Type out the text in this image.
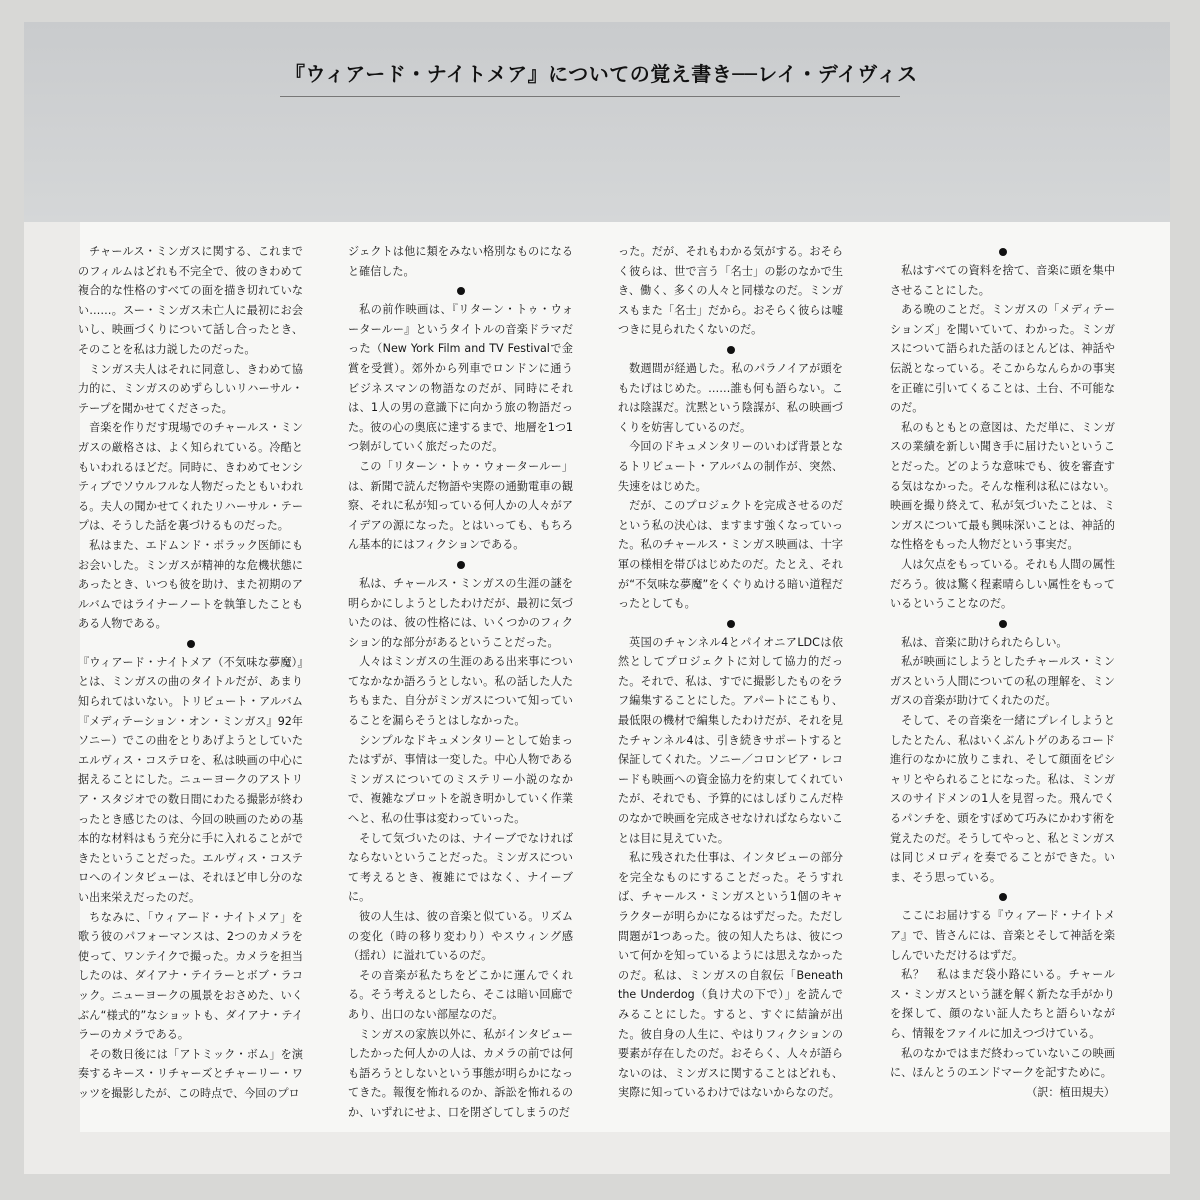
『ウィアード・ナイトメア』についての覚え書き──レイ・デイヴィス

チャールス・ミンガスに関する、これまでのフィルムはどれも不完全で、彼のきわめて複合的な性格のすべての面を描き切れていない……。スー・ミンガス未亡人に最初にお会いし、映画づくりについて話し合ったとき、そのことを私は力説したのだった。

ミンガス夫人はそれに同意し、きわめて協力的に、ミンガスのめずらしいリハーサル・テープを聞かせてくださった。

音楽を作りだす現場でのチャールス・ミンガスの厳格さは、よく知られている。冷酷ともいわれるほどだ。同時に、きわめてセンシティブでソウルフルな人物だったともいわれる。夫人の聞かせてくれたリハーサル・テープは、そうした話を裏づけるものだった。

私はまた、エドムンド・ポラック医師にもお会いした。ミンガスが精神的な危機状態にあったとき、いつも彼を助け、また初期のアルバムではライナーノートを執筆したこともある人物である。

『ウィアード・ナイトメア（不気味な夢魔）』とは、ミンガスの曲のタイトルだが、あまり知られてはいない。トリビュート・アルバム『メディテーション・オン・ミンガス』92年ソニー）でこの曲をとりあげようとしていたエルヴィス・コステロを、私は映画の中心に据えることにした。ニューヨークのアストリア・スタジオでの数日間にわたる撮影が終わったとき感じたのは、今回の映画のための基本的な材料はもう充分に手に入れることができたということだった。エルヴィス・コステロへのインタビューは、それほど申し分のない出来栄えだったのだ。

ちなみに、「ウィアード・ナイトメア」を歌う彼のパフォーマンスは、2つのカメラを使って、ワンテイクで撮った。カメラを担当したのは、ダイアナ・テイラーとボブ・ラコック。ニューヨークの風景をおさめた、いくぶん“様式的”なショットも、ダイアナ・テイラーのカメラである。

その数日後には「アトミック・ボム」を演奏するキース・リチャーズとチャーリー・ワッツを撮影したが、この時点で、今回のプロ

ジェクトは他に類をみない格別なものになると確信した。

私の前作映画は、『リターン・トゥ・ウォータールー』というタイトルの音楽ドラマだった（New York Film and TV Festivalで金賞を受賞）。郊外から列車でロンドンに通うビジネスマンの物語なのだが、同時にそれは、1人の男の意識下に向かう旅の物語だった。彼の心の奥底に達するまで、地層を1つ1つ剝がしていく旅だったのだ。

この「リターン・トゥ・ウォータールー」は、新聞で読んだ物語や実際の通勤電車の観察、それに私が知っている何人かの人々がアイデアの源になった。とはいっても、もちろん基本的にはフィクションである。

私は、チャールス・ミンガスの生涯の謎を明らかにしようとしたわけだが、最初に気づいたのは、彼の性格には、いくつかのフィクション的な部分があるということだった。

人々はミンガスの生涯のある出来事についてなかなか語ろうとしない。私の話した人たちもまた、自分がミンガスについて知っていることを漏らそうとはしなかった。

シンプルなドキュメンタリーとして始まったはずが、事情は一変した。中心人物であるミンガスについてのミステリー小説のなかで、複雑なプロットを説き明かしていく作業へと、私の仕事は変わっていった。

そして気づいたのは、ナイーブでなければならないということだった。ミンガスについて考えるとき、複雑にではなく、ナイーブに。

彼の人生は、彼の音楽と似ている。リズムの変化（時の移り変わり）やスウィング感（揺れ）に溢れているのだ。

その音楽が私たちをどこかに運んでくれる。そう考えるとしたら、そこは暗い回廊であり、出口のない部屋なのだ。

ミンガスの家族以外に、私がインタビューしたかった何人かの人は、カメラの前では何も語ろうとしないという事態が明らかになってきた。報復を怖れるのか、訴訟を怖れるのか、いずれにせよ、口を閉ざしてしまうのだ

った。だが、それもわかる気がする。おそらく彼らは、世で言う「名士」の影のなかで生き、働く、多くの人々と同様なのだ。ミンガスもまた「名士」だから。おそらく彼らは嘘つきに見られたくないのだ。

数週間が経過した。私のパラノイアが頭をもたげはじめた。……誰も何も語らない。これは陰謀だ。沈黙という陰謀が、私の映画づくりを妨害しているのだ。

今回のドキュメンタリーのいわば背景となるトリビュート・アルバムの制作が、突然、失速をはじめた。

だが、このプロジェクトを完成させるのだという私の決心は、ますます強くなっていった。私のチャールス・ミンガス映画は、十字軍の様相を帯びはじめたのだ。たとえ、それが“不気味な夢魔”をくぐりぬける暗い道程だったとしても。

英国のチャンネル4とパイオニアLDCは依然としてプロジェクトに対して協力的だった。それで、私は、すでに撮影したものをラフ編集することにした。アパートにこもり、最低限の機材で編集したわけだが、それを見たチャンネル4は、引き続きサポートすると保証してくれた。ソニー／コロンビア・レコードも映画への資金協力を約束してくれていたが、それでも、予算的にはしぼりこんだ枠のなかで映画を完成させなければならないことは目に見えていた。

私に残された仕事は、インタビューの部分を完全なものにすることだった。そうすれば、チャールス・ミンガスという1個のキャラクターが明らかになるはずだった。ただし問題が1つあった。彼の知人たちは、彼について何かを知っているようには思えなかったのだ。私は、ミンガスの自叙伝「Beneath the Underdog（負け犬の下で）」を読んでみることにした。すると、すぐに結論が出た。彼自身の人生に、やはりフィクションの要素が存在したのだ。おそらく、人々が語らないのは、ミンガスに関することはどれも、実際に知っているわけではないからなのだ。

私はすべての資料を捨て、音楽に頭を集中させることにした。

ある晩のことだ。ミンガスの「メディテーションズ」を聞いていて、わかった。ミンガスについて語られた話のほとんどは、神話や伝説となっている。そこからなんらかの事実を正確に引いてくることは、土台、不可能なのだ。

私のもともとの意図は、ただ単に、ミンガスの業績を新しい聞き手に届けたいということだった。どのような意味でも、彼を審査する気はなかった。そんな権利は私にはない。映画を撮り終えて、私が気づいたことは、ミンガスについて最も興味深いことは、神話的な性格をもった人物だという事実だ。

人は欠点をもっている。それも人間の属性だろう。彼は驚く程素晴らしい属性をもっているということなのだ。

私は、音楽に助けられたらしい。

私が映画にしようとしたチャールス・ミンガスという人間についての私の理解を、ミンガスの音楽が助けてくれたのだ。

そして、その音楽を一緒にプレイしようとしたとたん、私はいくぶんトゲのあるコード進行のなかに放りこまれ、そして顔面をピシャリとやられることになった。私は、ミンガスのサイドメンの1人を見習った。飛んでくるパンチを、頭をすぼめて巧みにかわす術を覚えたのだ。そうしてやっと、私とミンガスは同じメロディを奏でることができた。いま、そう思っている。

ここにお届けする『ウィアード・ナイトメア』で、皆さんには、音楽とそして神話を楽しんでいただけるはずだ。

私？　私はまだ袋小路にいる。チャールス・ミンガスという謎を解く新たな手がかりを探して、顔のない証人たちと語らいながら、情報をファイルに加えつづけている。

私のなかではまだ終わっていないこの映画に、ほんとうのエンドマークを記すために。

（訳：植田規夫）
